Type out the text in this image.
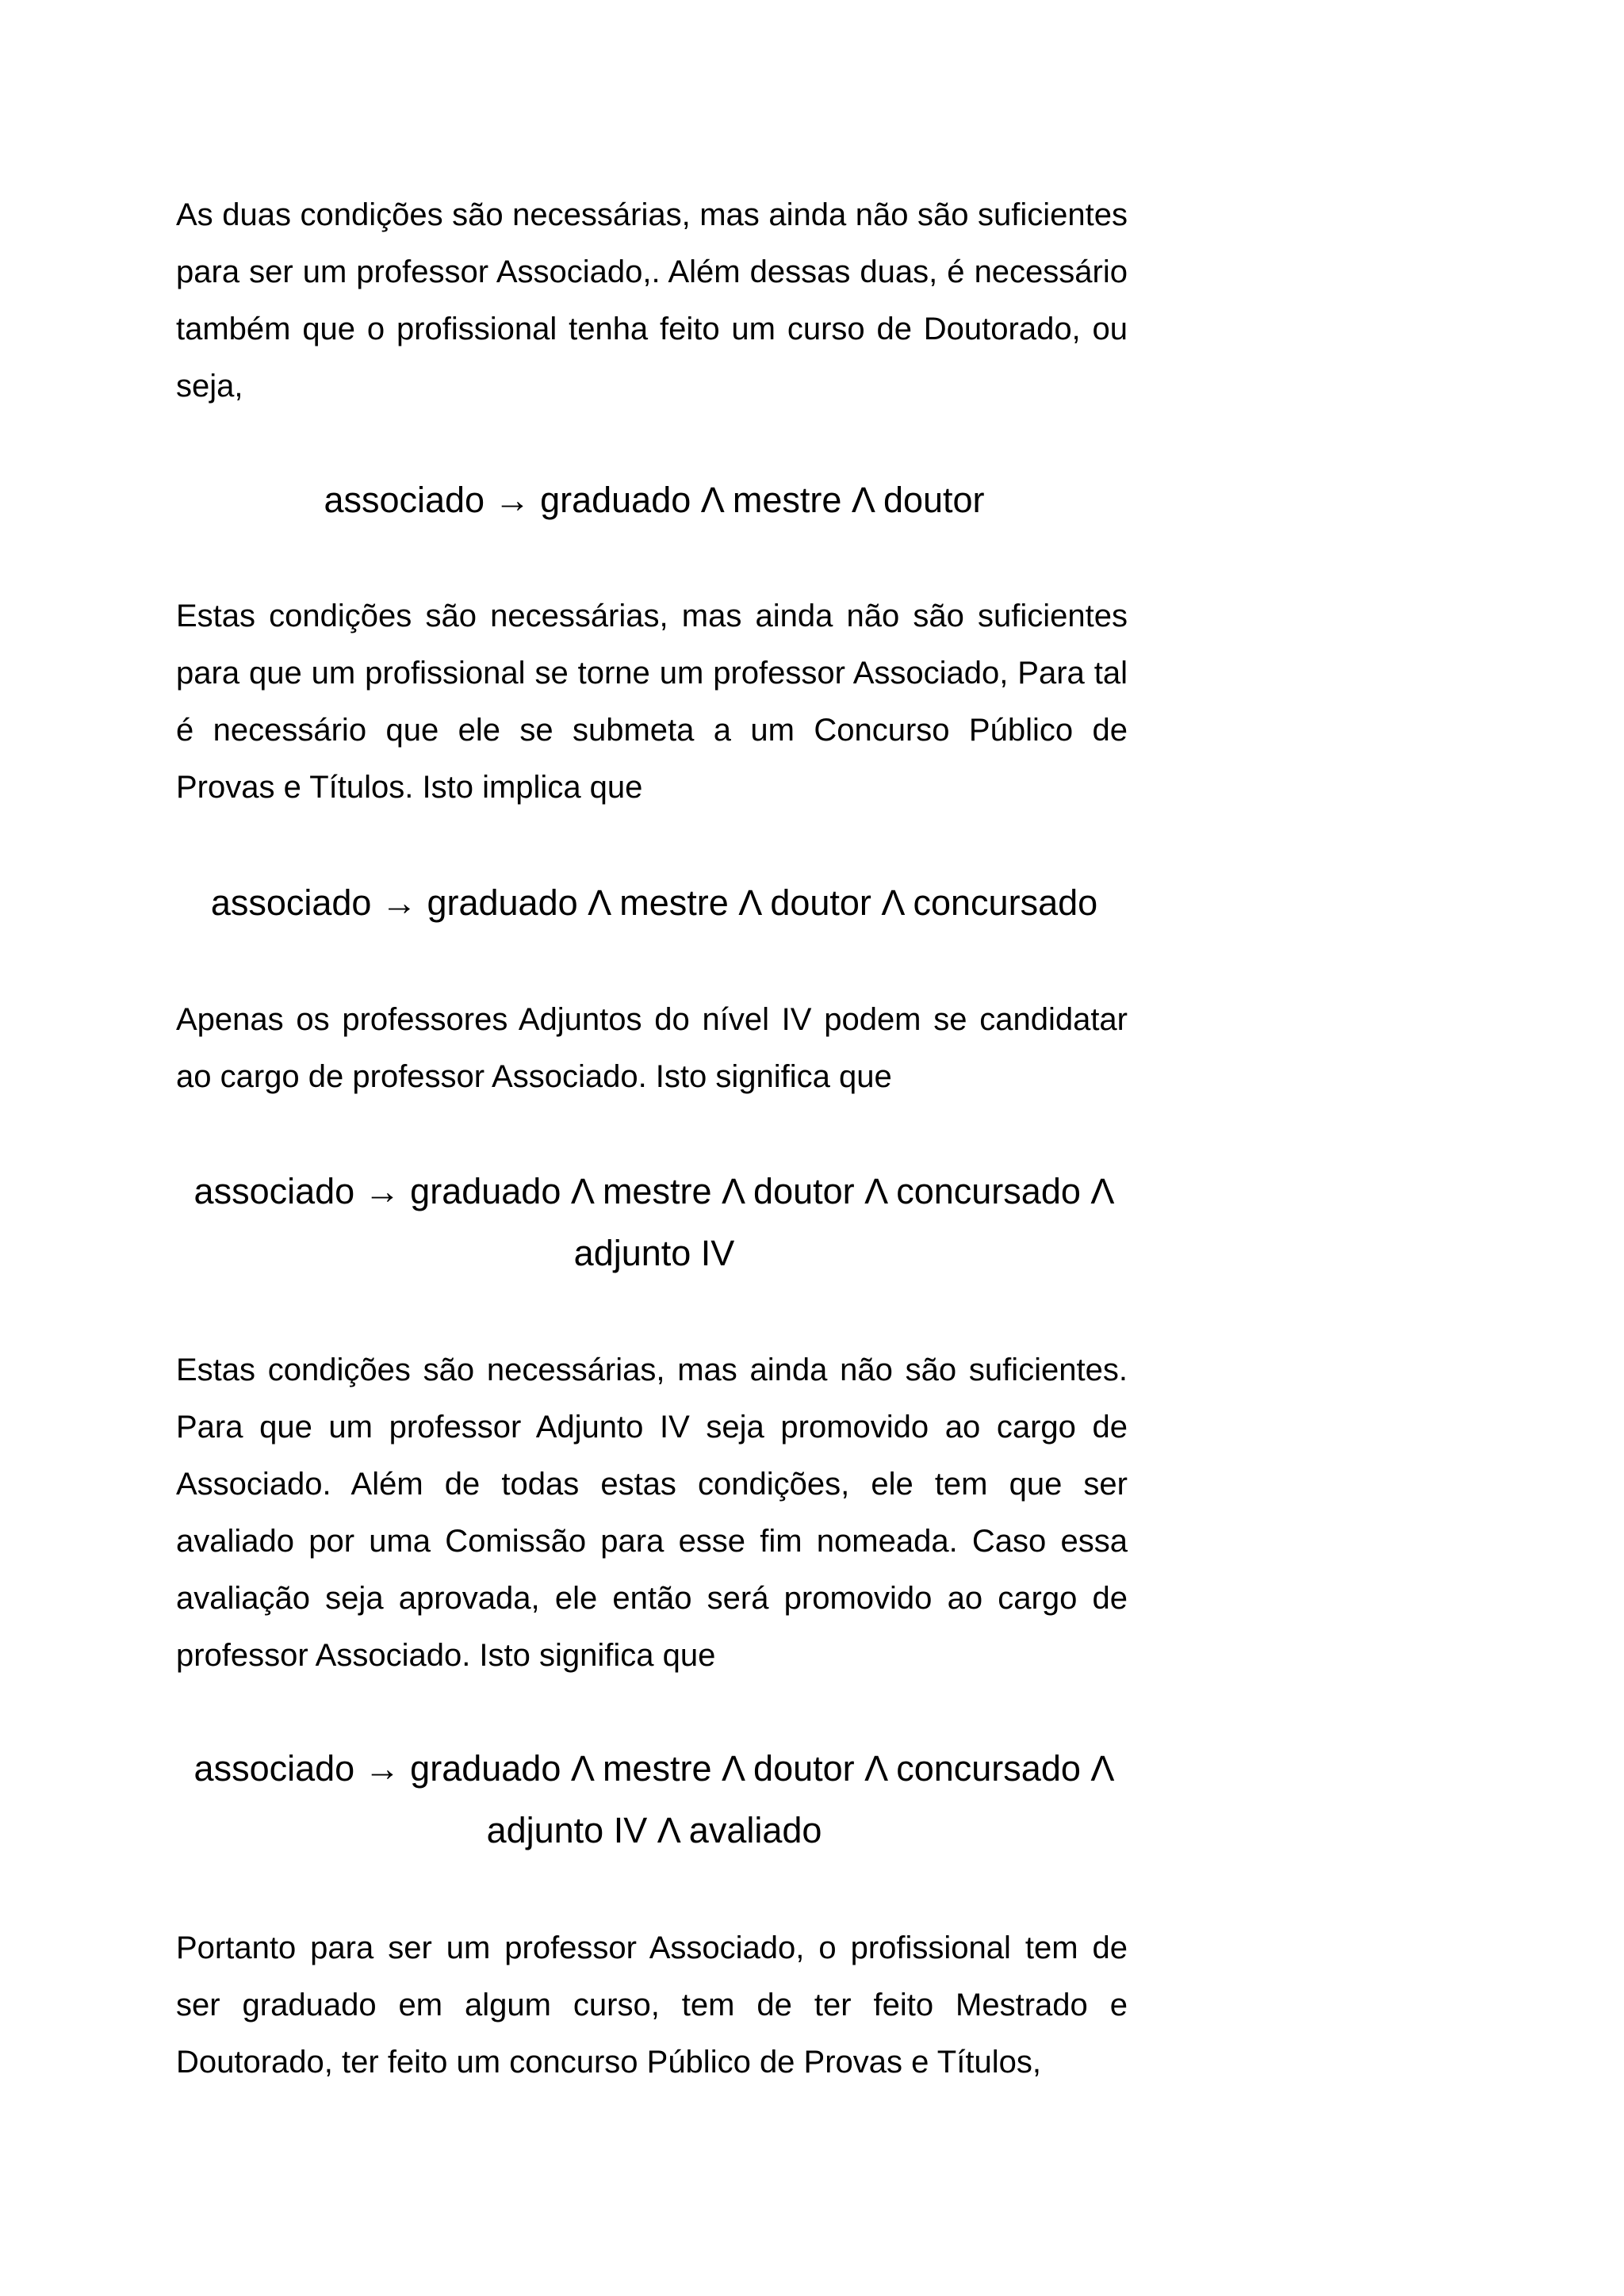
As duas condições são necessárias, mas ainda não são suficientes para ser um professor Associado,. Além dessas duas, é necessário também que o profissional tenha feito um curso de Doutorado, ou seja,

associado → graduado Λ mestre Λ doutor

Estas condições são necessárias, mas ainda não são suficientes para que um profissional se torne um professor Associado, Para tal é necessário que ele se submeta a um Concurso Público de Provas e Títulos. Isto implica que

associado → graduado Λ mestre Λ doutor Λ concursado

Apenas os professores Adjuntos do nível IV podem se candidatar ao cargo de professor Associado. Isto significa que

associado → graduado Λ mestre Λ doutor Λ concursado Λ

adjunto IV

Estas condições são necessárias, mas ainda não são suficientes. Para que um professor Adjunto IV seja promovido ao cargo de Associado. Além de todas estas condições, ele tem que ser avaliado por uma Comissão para esse fim nomeada. Caso essa avaliação seja aprovada, ele então será promovido ao cargo de professor Associado. Isto significa que

associado → graduado Λ mestre Λ doutor Λ concursado Λ

adjunto IV Λ avaliado

Portanto para ser um professor Associado, o profissional tem de ser graduado em algum curso, tem de ter feito Mestrado e Doutorado, ter feito um concurso Público de Provas e Títulos,
